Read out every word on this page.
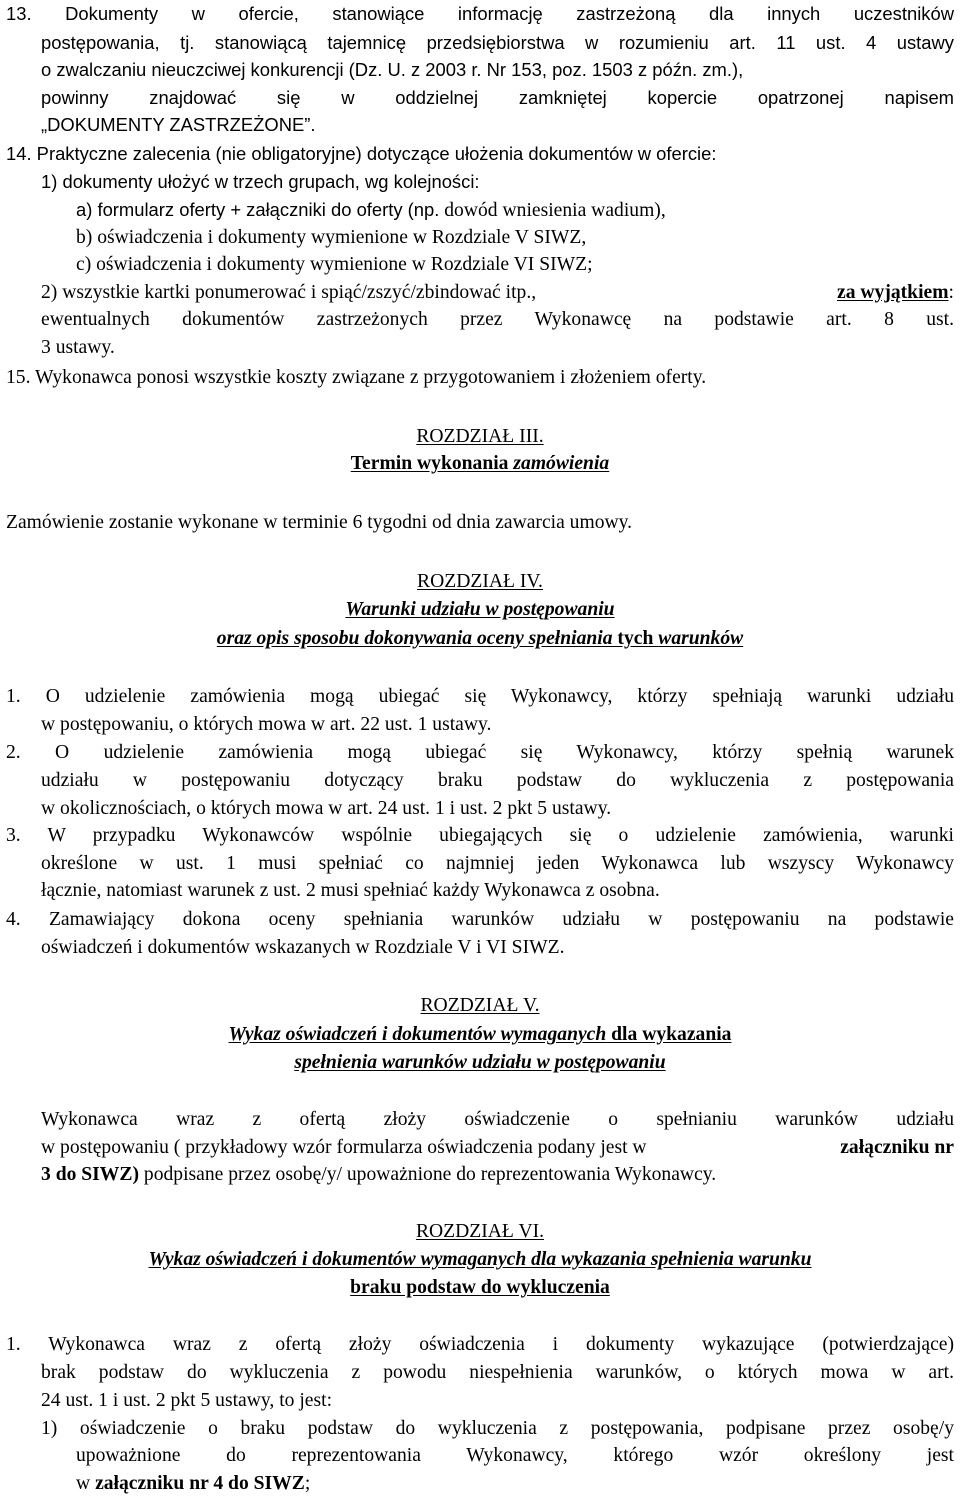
13. Dokumenty w ofercie, stanowiące informację zastrzeżoną dla innych uczestników
postępowania, tj. stanowiącą tajemnicę przedsiębiorstwa w rozumieniu art. 11 ust. 4 ustawy
o zwalczaniu nieuczciwej konkurencji (Dz. U. z 2003 r. Nr 153, poz. 1503 z późn. zm.),
powinny znajdować się w oddzielnej zamkniętej kopercie opatrzonej napisem
„DOKUMENTY ZASTRZEŻONE”.
14. Praktyczne zalecenia (nie obligatoryjne) dotyczące ułożenia dokumentów w ofercie:
1) dokumenty ułożyć w trzech grupach, wg kolejności:
a) formularz oferty + załączniki do oferty (np. dowód wniesienia wadium),
b) oświadczenia i dokumenty wymienione w Rozdziale V SIWZ,
c) oświadczenia i dokumenty wymienione w Rozdziale VI SIWZ;
2) wszystkie kartki ponumerować i spiąć/zszyć/zbindować itp.,	za wyjątkiem:
ewentualnych dokumentów zastrzeżonych przez Wykonawcę na podstawie art. 8 ust.
3 ustawy.
15. Wykonawca ponosi wszystkie koszty związane z przygotowaniem i złożeniem oferty.
ROZDZIAŁ III.
Termin wykonania zamówienia
Zamówienie zostanie wykonane w terminie 6 tygodni od dnia zawarcia umowy.
ROZDZIAŁ IV.
Warunki udziału w postępowaniu
oraz opis sposobu dokonywania oceny spełniania tych warunków
1. O udzielenie zamówienia mogą ubiegać się Wykonawcy, którzy spełniają warunki udziału
w postępowaniu, o których mowa w art. 22 ust. 1 ustawy.
2. O udzielenie zamówienia mogą ubiegać się Wykonawcy, którzy spełnią warunek
udziału w postępowaniu dotyczący braku podstaw do wykluczenia z postępowania
w okolicznościach, o których mowa w art. 24 ust. 1 i ust. 2 pkt 5 ustawy.
3. W przypadku Wykonawców wspólnie ubiegających się o udzielenie zamówienia, warunki
określone w ust. 1 musi spełniać co najmniej jeden Wykonawca lub wszyscy Wykonawcy
łącznie, natomiast warunek z ust. 2 musi spełniać każdy Wykonawca z osobna.
4. Zamawiający dokona oceny spełniania warunków udziału w postępowaniu na podstawie
oświadczeń i dokumentów wskazanych w Rozdziale V i VI SIWZ.
ROZDZIAŁ V.
Wykaz oświadczeń i dokumentów wymaganych dla wykazania
spełnienia warunków udziału w postępowaniu
Wykonawca wraz z ofertą złoży oświadczenie o spełnianiu warunków udziału
w postępowaniu ( przykładowy wzór formularza oświadczenia podany jest w	załączniku nr
3 do SIWZ) podpisane przez osobę/y/ upoważnione do reprezentowania Wykonawcy.
ROZDZIAŁ VI.
Wykaz oświadczeń i dokumentów wymaganych dla wykazania spełnienia warunku
braku podstaw do wykluczenia
1. Wykonawca wraz z ofertą złoży oświadczenia i dokumenty wykazujące (potwierdzające)
brak podstaw do wykluczenia z powodu niespełnienia warunków, o których mowa w art.
24 ust. 1 i ust. 2 pkt 5 ustawy, to jest:
1) oświadczenie o braku podstaw do wykluczenia z postępowania, podpisane przez osobę/y
upoważnione do reprezentowania Wykonawcy, którego wzór określony jest
w załączniku nr 4 do SIWZ;
